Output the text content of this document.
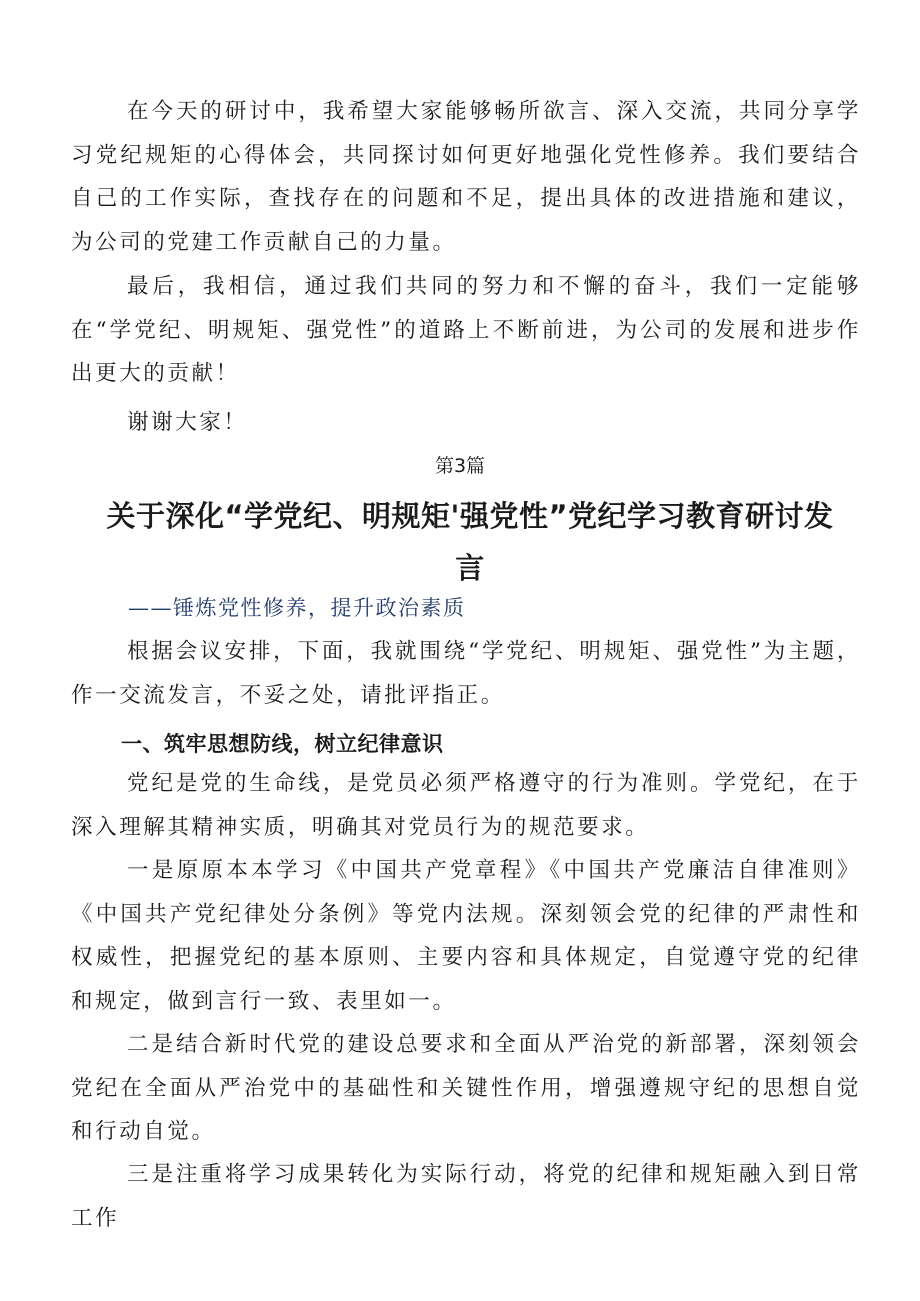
在今天的研讨中，我希望大家能够畅所欲言、深入交流，共同分享学习党纪规矩的心得体会，共同探讨如何更好地强化党性修养。我们要结合自己的工作实际，查找存在的问题和不足，提出具体的改进措施和建议，为公司的党建工作贡献自己的力量。

最后，我相信，通过我们共同的努力和不懈的奋斗，我们一定能够在“学党纪、明规矩、强党性”的道路上不断前进，为公司的发展和进步作出更大的贡献！

谢谢大家！

第3篇
关于深化“学党纪、明规矩'强党性”党纪学习教育研讨发言

——锤炼党性修养，提升政治素质

根据会议安排，下面，我就围绕“学党纪、明规矩、强党性”为主题，作一交流发言，不妥之处，请批评指正。

一、筑牢思想防线，树立纪律意识

党纪是党的生命线，是党员必须严格遵守的行为准则。学党纪，在于深入理解其精神实质，明确其对党员行为的规范要求。

一是原原本本学习《中国共产党章程》《中国共产党廉洁自律准则》《中国共产党纪律处分条例》等党内法规。深刻领会党的纪律的严肃性和权威性，把握党纪的基本原则、主要内容和具体规定，自觉遵守党的纪律和规定，做到言行一致、表里如一。

二是结合新时代党的建设总要求和全面从严治党的新部署，深刻领会党纪在全面从严治党中的基础性和关键性作用，增强遵规守纪的思想自觉和行动自觉。

三是注重将学习成果转化为实际行动，将党的纪律和规矩融入到日常工作
